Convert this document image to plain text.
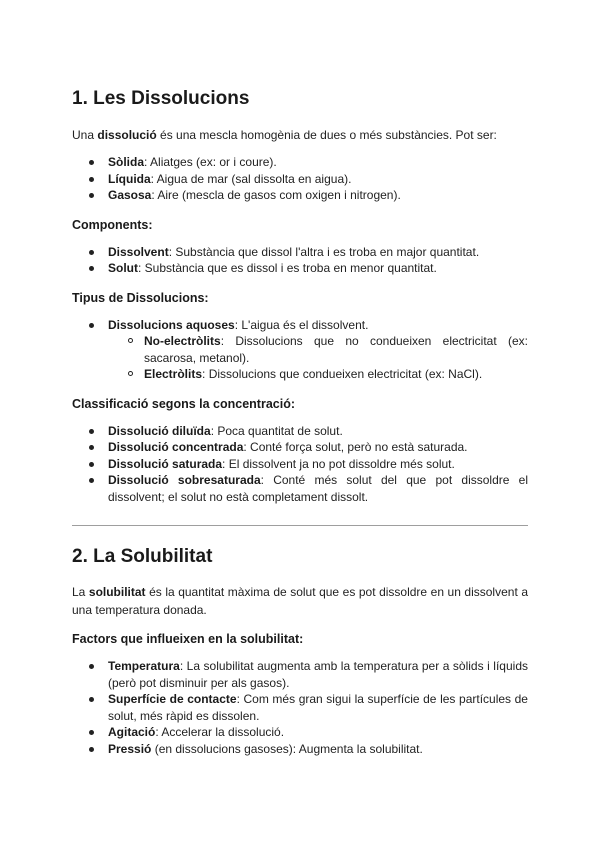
1. Les Dissolucions

Una dissolució és una mescla homogènia de dues o més substàncies. Pot ser:

Sòlida: Aliatges (ex: or i coure).
Líquida: Aigua de mar (sal dissolta en aigua).
Gasosa: Aire (mescla de gasos com oxigen i nitrogen).
Components:
Dissolvent: Substància que dissol l'altra i es troba en major quantitat.
Solut: Substància que es dissol i es troba en menor quantitat.
Tipus de Dissolucions:
Dissolucions aquoses: L'aigua és el dissolvent.
No-electròlits: Dissolucions que no condueixen electricitat (ex: sacarosa, metanol).
Electròlits: Dissolucions que condueixen electricitat (ex: NaCl).
Classificació segons la concentració:
Dissolució diluïda: Poca quantitat de solut.
Dissolució concentrada: Conté força solut, però no està saturada.
Dissolució saturada: El dissolvent ja no pot dissoldre més solut.
Dissolució sobresaturada: Conté més solut del que pot dissoldre el dissolvent; el solut no està completament dissolt.
2. La Solubilitat

La solubilitat és la quantitat màxima de solut que es pot dissoldre en un dissolvent a una temperatura donada.

Factors que influeixen en la solubilitat:
Temperatura: La solubilitat augmenta amb la temperatura per a sòlids i líquids (però pot disminuir per als gasos).
Superfície de contacte: Com més gran sigui la superfície de les partícules de solut, més ràpid es dissolen.
Agitació: Accelerar la dissolució.
Pressió (en dissolucions gasoses): Augmenta la solubilitat.
